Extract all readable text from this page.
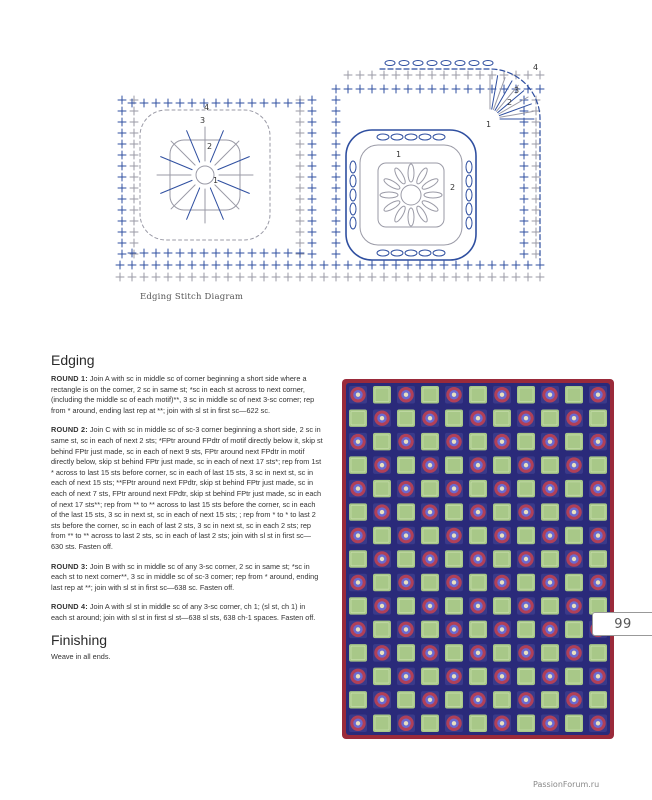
1
2
3
4
1
2
1
2
3
4
Edging Stitch Diagram
Edging

ROUND 1: Join A with sc in middle sc of corner beginning a short side where a rectangle is on the corner, 2 sc in same st; *sc in each st across to next corner, (including the middle sc of each motif)**, 3 sc in middle sc of next 3-sc corner; rep from * around, ending last rep at **; join with sl st in first sc—622 sc.

ROUND 2: Join C with sc in middle sc of sc-3 corner beginning a short side, 2 sc in same st, sc in each of next 2 sts; *FPtr around FPdtr of motif directly below it, skip st behind FPtr just made, sc in each of next 9 sts, FPtr around next FPdtr in motif directly below, skip st behind FPtr just made, sc in each of next 17 sts*; rep from 1st * across to last 15 sts before corner, sc in each of last 15 sts, 3 sc in next st, sc in each of next 15 sts; **FPtr around next FPdtr, skip st behind FPtr just made, sc in each of next 7 sts, FPtr around next FPdtr, skip st behind FPtr just made, sc in each of next 17 sts**; rep from ** to ** across to last 15 sts before the corner, sc in each of the last 15 sts, 3 sc in next st, sc in each of next 15 sts; ; rep from * to * to last 2 sts before the corner, sc in each of last 2 sts, 3 sc in next st, sc in each 2 sts; rep from ** to ** across to last 2 sts, sc in each of last 2 sts; join with sl st in first sc—630 sts. Fasten off.

ROUND 3: Join B with sc in middle sc of any 3-sc corner, 2 sc in same st; *sc in each st to next corner**, 3 sc in middle sc of sc-3 corner; rep from * around, ending last rep at **; join with sl st in first sc—638 sc. Fasten off.

ROUND 4: Join A with sl st in middle sc of any 3-sc corner, ch 1; (sl st, ch 1) in each st around; join with sl st in first sl st—638 sl sts, 638 ch-1 spaces. Fasten off.

Finishing

Weave in all ends.

99
PassionForum.ru
